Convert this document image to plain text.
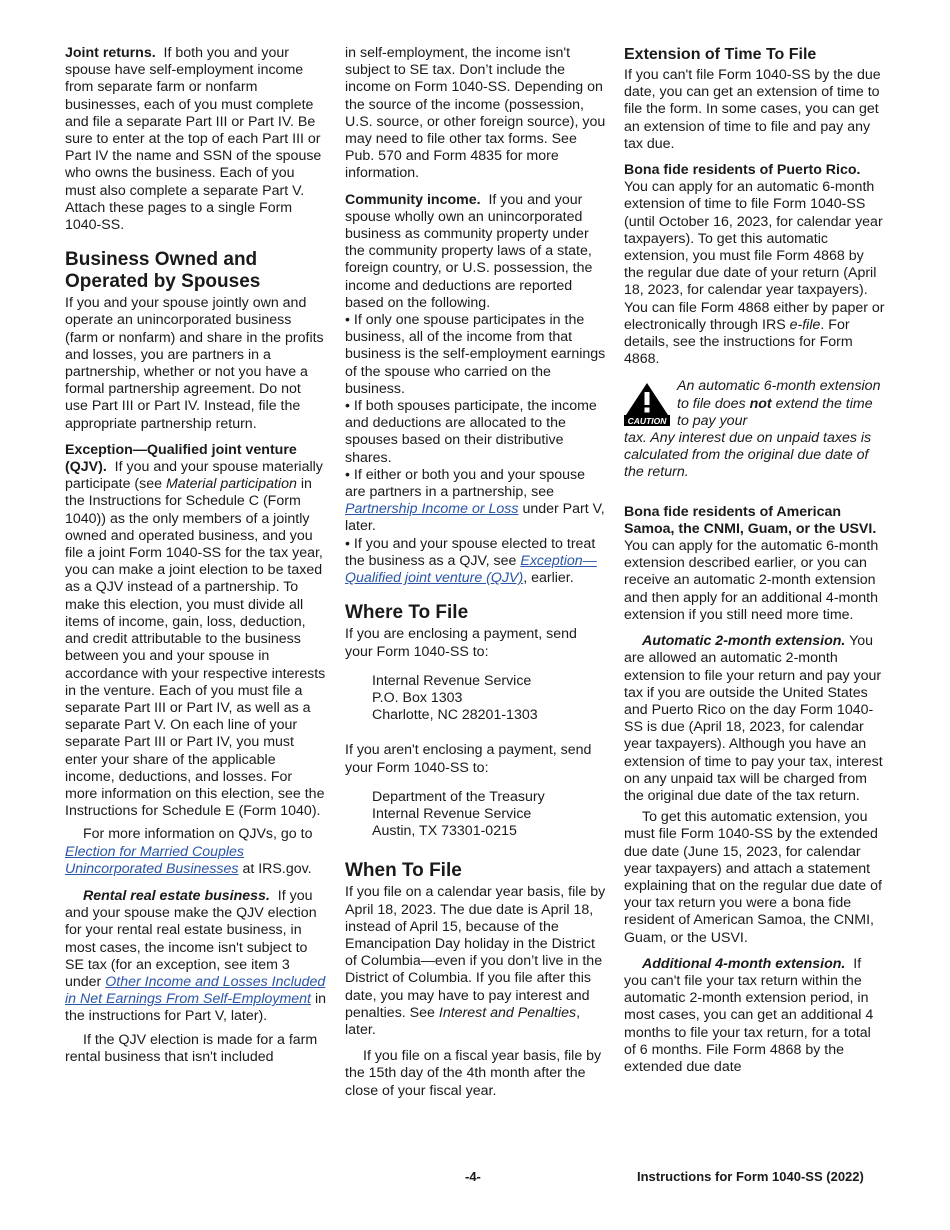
Joint returns. If both you and your spouse have self-employment income from separate farm or nonfarm businesses, each of you must complete and file a separate Part III or Part IV. Be sure to enter at the top of each Part III or Part IV the name and SSN of the spouse who owns the business. Each of you must also complete a separate Part V. Attach these pages to a single Form 1040-SS.

Business Owned and Operated by Spouses

If you and your spouse jointly own and operate an unincorporated business (farm or nonfarm) and share in the profits and losses, you are partners in a partnership, whether or not you have a formal partnership agreement. Do not use Part III or Part IV. Instead, file the appropriate partnership return.

Exception—Qualified joint venture (QJV). If you and your spouse materially participate (see Material participation in the Instructions for Schedule C (Form 1040)) as the only members of a jointly owned and operated business, and you file a joint Form 1040-SS for the tax year, you can make a joint election to be taxed as a QJV instead of a partnership. To make this election, you must divide all items of income, gain, loss, deduction, and credit attributable to the business between you and your spouse in accordance with your respective interests in the venture. Each of you must file a separate Part III or Part IV, as well as a separate Part V. On each line of your separate Part III or Part IV, you must enter your share of the applicable income, deductions, and losses. For more information on this election, see the Instructions for Schedule E (Form 1040).

For more information on QJVs, go to Election for Married Couples Unincorporated Businesses at IRS.gov.

Rental real estate business. If you and your spouse make the QJV election for your rental real estate business, in most cases, the income isn't subject to SE tax (for an exception, see item 3 under Other Income and Losses Included in Net Earnings From Self-Employment in the instructions for Part V, later).

If the QJV election is made for a farm rental business that isn't included

in self-employment, the income isn't subject to SE tax. Don’t include the income on Form 1040-SS. Depending on the source of the income (possession, U.S. source, or other foreign source), you may need to file other tax forms. See Pub. 570 and Form 4835 for more information.

Community income. If you and your spouse wholly own an unincorporated business as community property under the community property laws of a state, foreign country, or U.S. possession, the income and deductions are reported based on the following.

• If only one spouse participates in the business, all of the income from that business is the self-employment earnings of the spouse who carried on the business.

• If both spouses participate, the income and deductions are allocated to the spouses based on their distributive shares.

• If either or both you and your spouse are partners in a partnership, see Partnership Income or Loss under Part V, later.

• If you and your spouse elected to treat the business as a QJV, see Exception—Qualified joint venture (QJV), earlier.

Where To File

If you are enclosing a payment, send your Form 1040-SS to:

Internal Revenue Service
P.O. Box 1303
Charlotte, NC 28201-1303

If you aren't enclosing a payment, send your Form 1040-SS to:

Department of the Treasury
Internal Revenue Service
Austin, TX 73301-0215
When To File

If you file on a calendar year basis, file by April 18, 2023. The due date is April 18, instead of April 15, because of the Emancipation Day holiday in the District of Columbia—even if you don’t live in the District of Columbia. If you file after this date, you may have to pay interest and penalties. See Interest and Penalties, later.

If you file on a fiscal year basis, file by the 15th day of the 4th month after the close of your fiscal year.

Extension of Time To File

If you can't file Form 1040-SS by the due date, you can get an extension of time to file the form. In some cases, you can get an extension of time to file and pay any tax due.

Bona fide residents of Puerto Rico. You can apply for an automatic 6-month extension of time to file Form 1040-SS (until October 16, 2023, for calendar year taxpayers). To get this automatic extension, you must file Form 4868 by the regular due date of your return (April 18, 2023, for calendar year taxpayers). You can file Form 4868 either by paper or electronically through IRS e-file. For details, see the instructions for Form 4868.

CAUTION
An automatic 6-month extension to file does not extend the time to pay your

tax. Any interest due on unpaid taxes is calculated from the original due date of the return.

Bona fide residents of American Samoa, the CNMI, Guam, or the USVI.  You can apply for the automatic 6-month extension described earlier, or you can receive an automatic 2-month extension and then apply for an additional 4-month extension if you still need more time.

Automatic 2-month extension. You are allowed an automatic 2-month extension to file your return and pay your tax if you are outside the United States and Puerto Rico on the day Form 1040-SS is due (April 18, 2023, for calendar year taxpayers). Although you have an extension of time to pay your tax, interest on any unpaid tax will be charged from the original due date of the tax return.

To get this automatic extension, you must file Form 1040-SS by the extended due date (June 15, 2023, for calendar year taxpayers) and attach a statement explaining that on the regular due date of your tax return you were a bona fide resident of American Samoa, the CNMI, Guam, or the USVI.

Additional 4-month extension. If you can't file your tax return within the automatic 2-month extension period, in most cases, you can get an additional 4 months to file your tax return, for a total of 6 months. File Form 4868 by the extended due date

-4-	Instructions for Form 1040-SS (2022)
